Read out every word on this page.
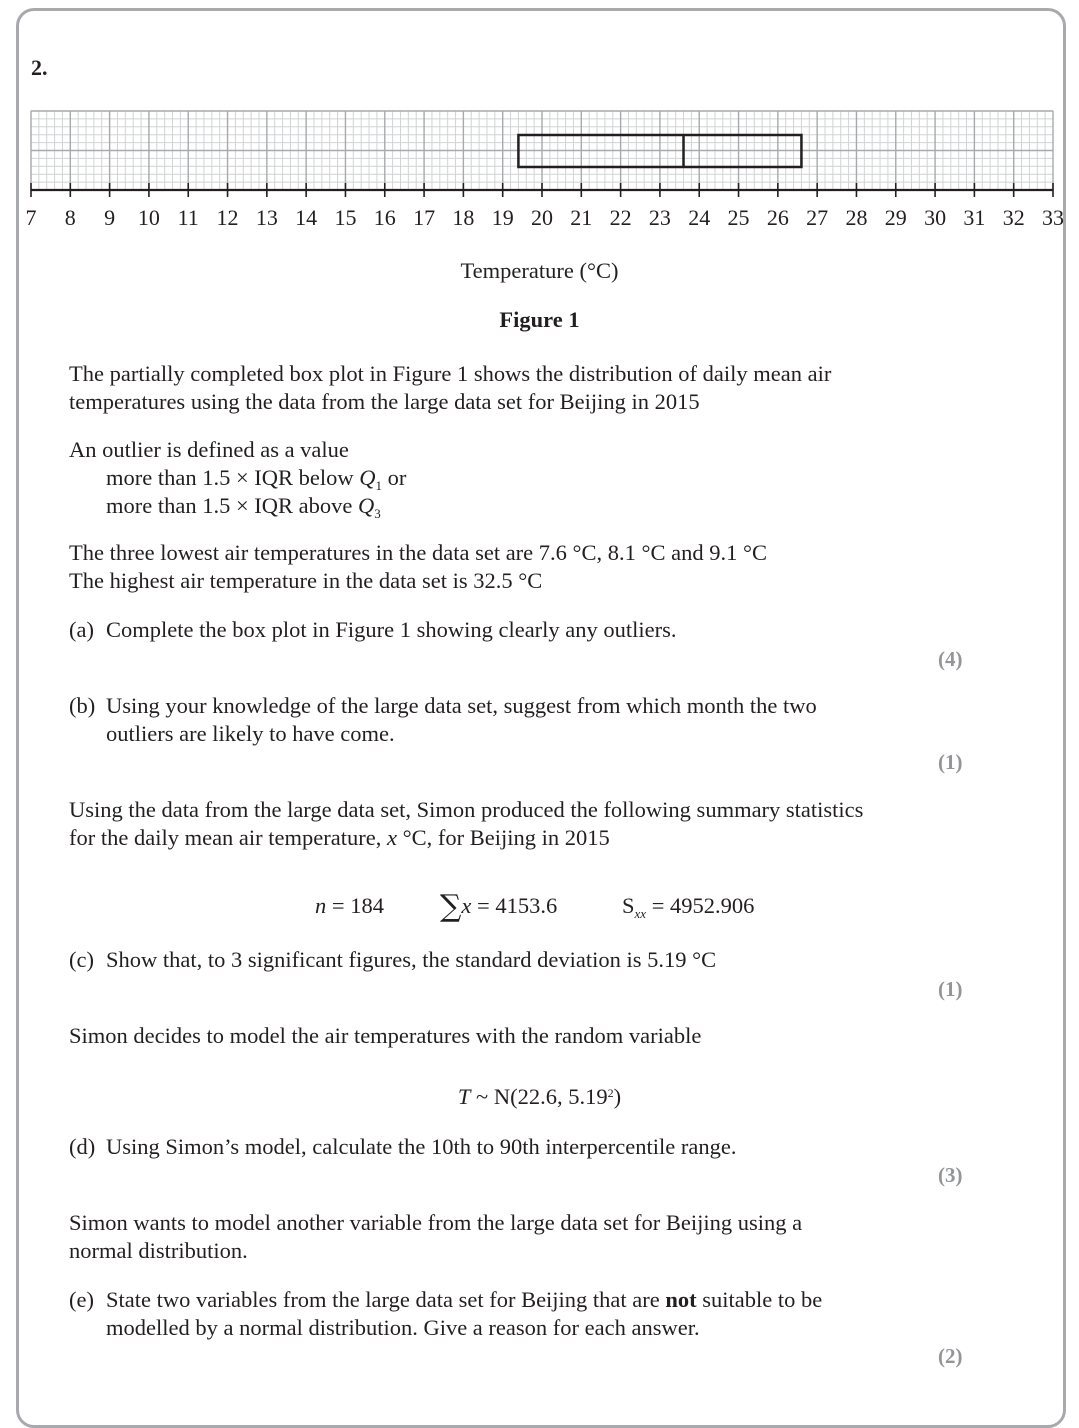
2.
7 8 9 10 11 12 13 14 15 16 17 18 19 20 21 22 23 24 25 26 27 28 29 30 31 32 33
Temperature (°C)
Figure 1
The partially completed box plot in Figure 1 shows the distribution of daily mean air
temperatures using the data from the large data set for Beijing in 2015
An outlier is defined as a value
more than 1.5 × IQR below $Q_1$ or
more than 1.5 × IQR above $Q_3$
The three lowest air temperatures in the data set are 7.6 °C, 8.1 °C and 9.1 °C
The highest air temperature in the data set is 32.5 °C
(a) Complete the box plot in Figure 1 showing clearly any outliers.
(4)
(b) Using your knowledge of the large data set, suggest from which month the two
outliers are likely to have come.
(1)
Using the data from the large data set, Simon produced the following summary statistics
for the daily mean air temperature, x °C, for Beijing in 2015
n = 184 ∑x = 4153.6	$S_{xx} = 4952.906$
(c) Show that, to 3 significant figures, the standard deviation is 5.19 °C
(1)
Simon decides to model the air temperatures with the random variable
T ~ N(22.6, 5.19$^2$)
(d) Using Simon’s model, calculate the 10th to 90th interpercentile range.
(3)
Simon wants to model another variable from the large data set for Beijing using a
normal distribution.
(e) State two variables from the large data set for Beijing that are not suitable to be
modelled by a normal distribution. Give a reason for each answer.
(2)
